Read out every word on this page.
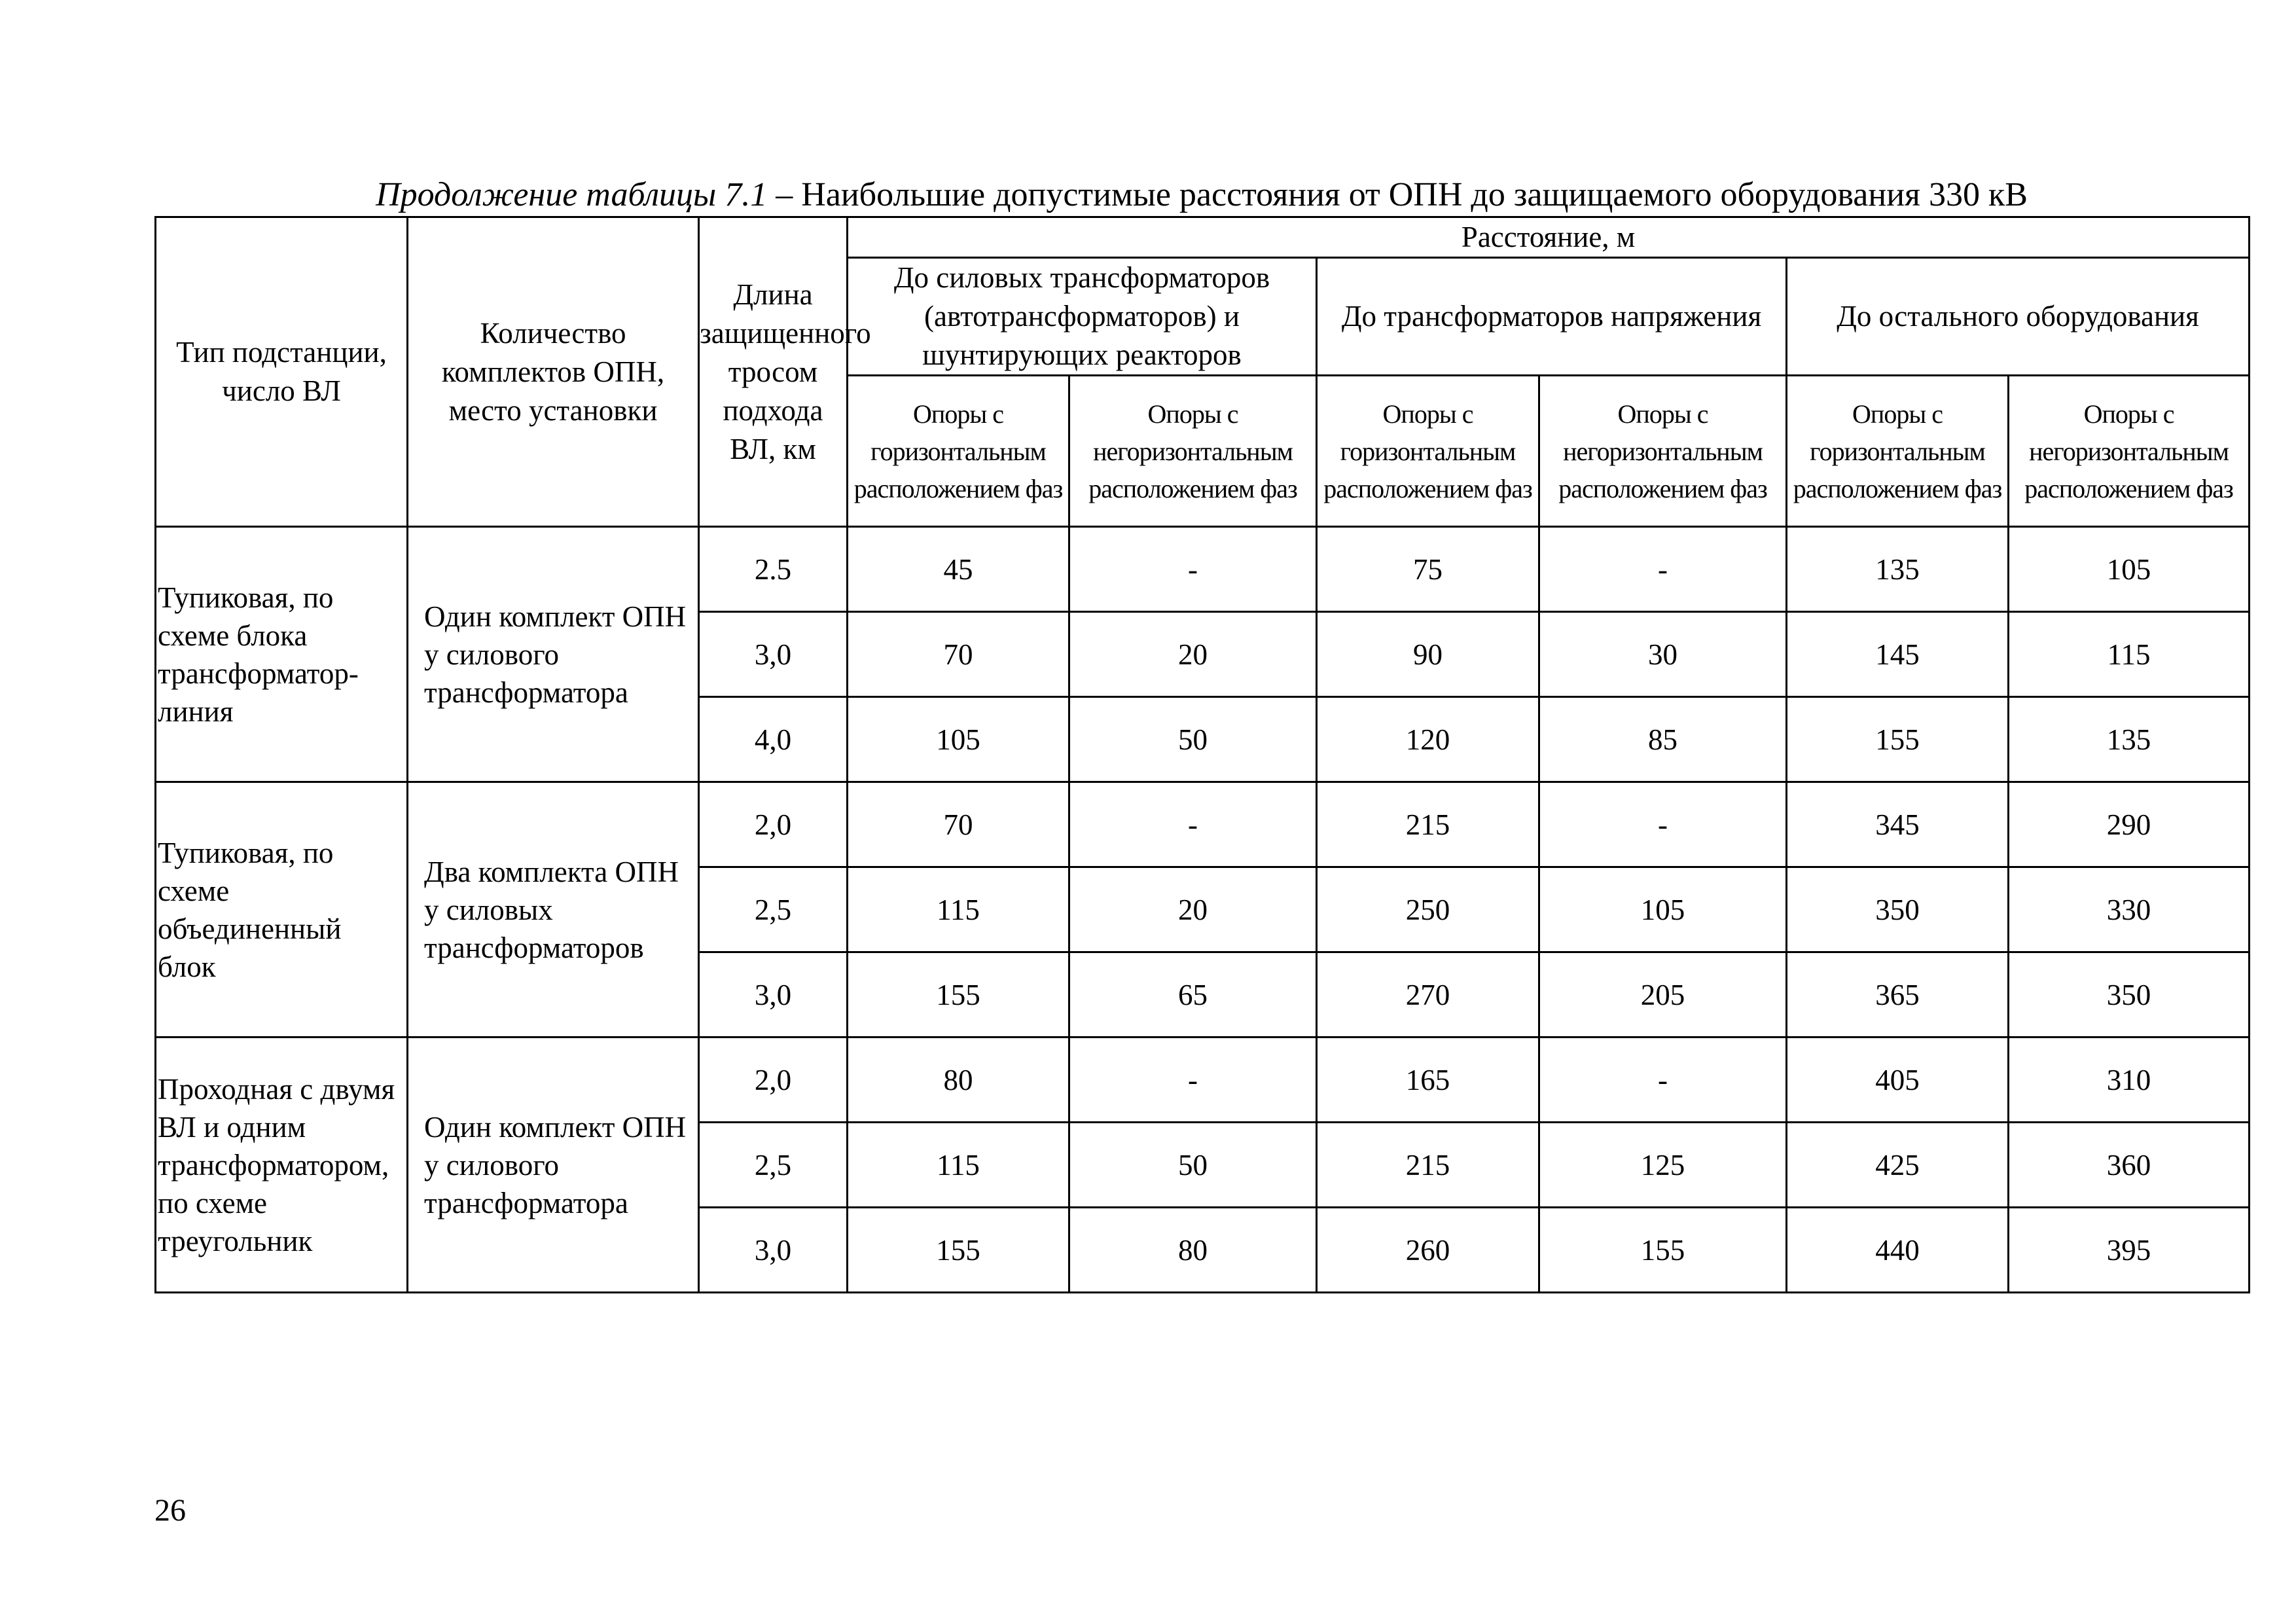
Продолжение таблицы 7.1 – Наибольшие допустимые расстояния от ОПН до защищаемого оборудования 330 кВ
Тип подстанции, число ВЛ	Количество комплектов ОПН, место установки	Длина защищенного тросом подхода ВЛ, км	Расстояние, м					
			До силовых трансформаторов (автотрансформаторов) и шунтирующих реакторов		До трансформаторов напряжения		До остального оборудования	
			Опоры с горизонтальным расположением фаз	Опоры с негоризонтальным расположением фаз	Опоры с горизонтальным расположением фаз	Опоры с негоризонтальным расположением фаз	Опоры с горизонтальным расположением фаз	Опоры с негоризонтальным расположением фаз

Тупиковая, по схеме блока трансформатор-линия	Один комплект ОПН у силового трансформатора	2.5	45	-	75	-	135	105
		3,0	70	20	90	30	145	115
		4,0	105	50	120	85	155	135

Тупиковая, по схеме объединенный блок	Два комплекта ОПН у силовых трансформаторов	2,0	70	-	215	-	345	290
		2,5	115	20	250	105	350	330
		3,0	155	65	270	205	365	350

Проходная с двумя ВЛ и одним трансформатором, по схеме треугольник	Один комплект ОПН у силового трансформатора	2,0	80	-	165	-	405	310
		2,5	115	50	215	125	425	360
		3,0	155	80	260	155	440	395
26
